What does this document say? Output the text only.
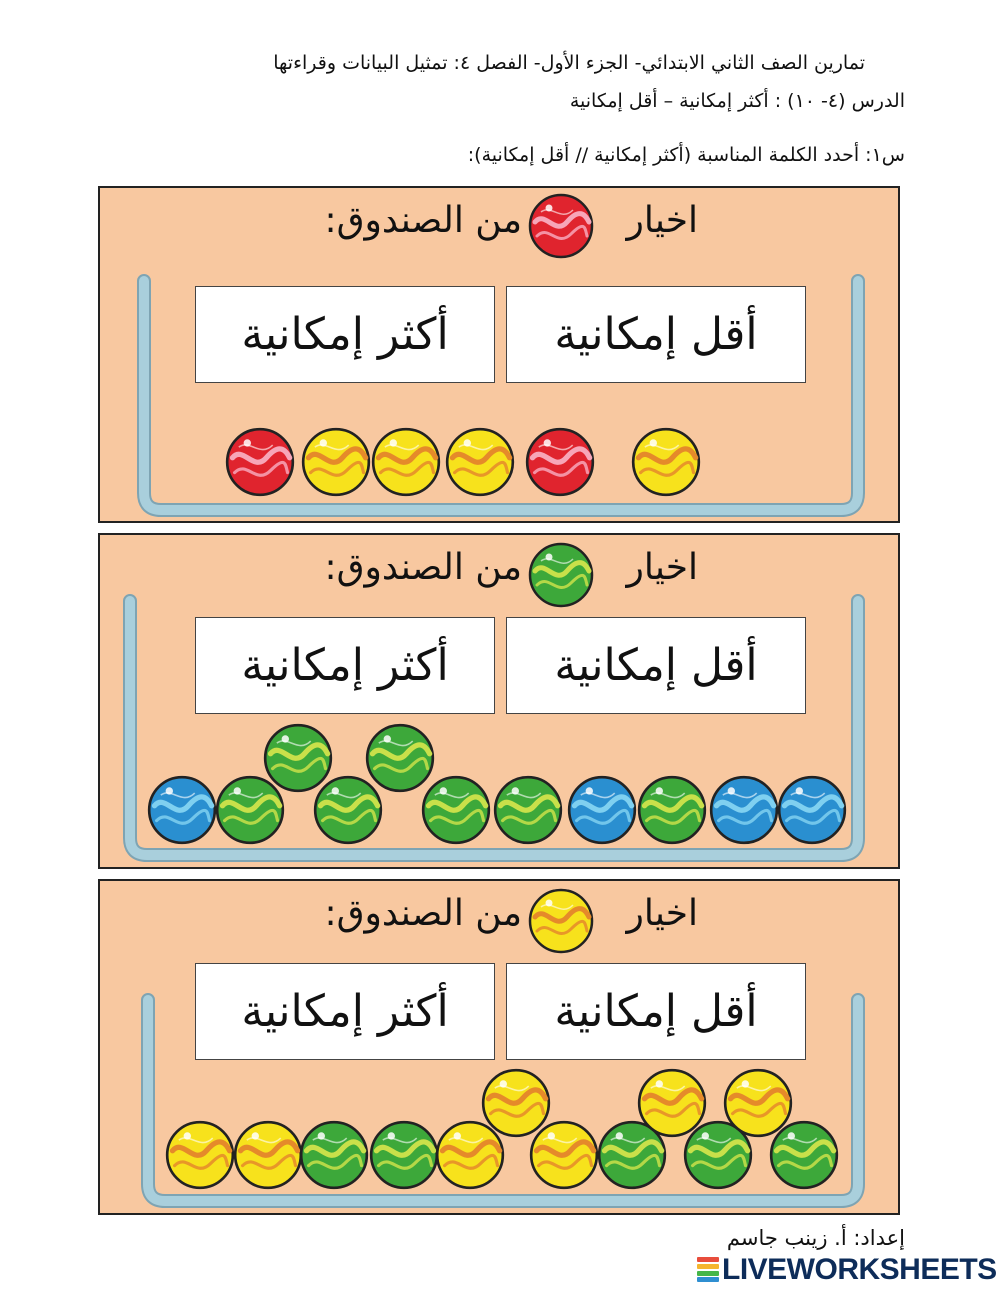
تمارين الصف الثاني الابتدائي- الجزء الأول- الفصل ٤: تمثيل البيانات وقراءتها
الدرس (٤- ١٠) : أكثر إمكانية – أقل إمكانية
س١: أحدد الكلمة المناسبة (أكثر إمكانية // أقل إمكانية):
اخيار
من الصندوق:
أقل إمكانية
أكثر إمكانية
اخيار
من الصندوق:
أقل إمكانية
أكثر إمكانية
اخيار
من الصندوق:
أقل إمكانية
أكثر إمكانية
إعداد: أ. زينب جاسم
LIVEWORKSHEETS
